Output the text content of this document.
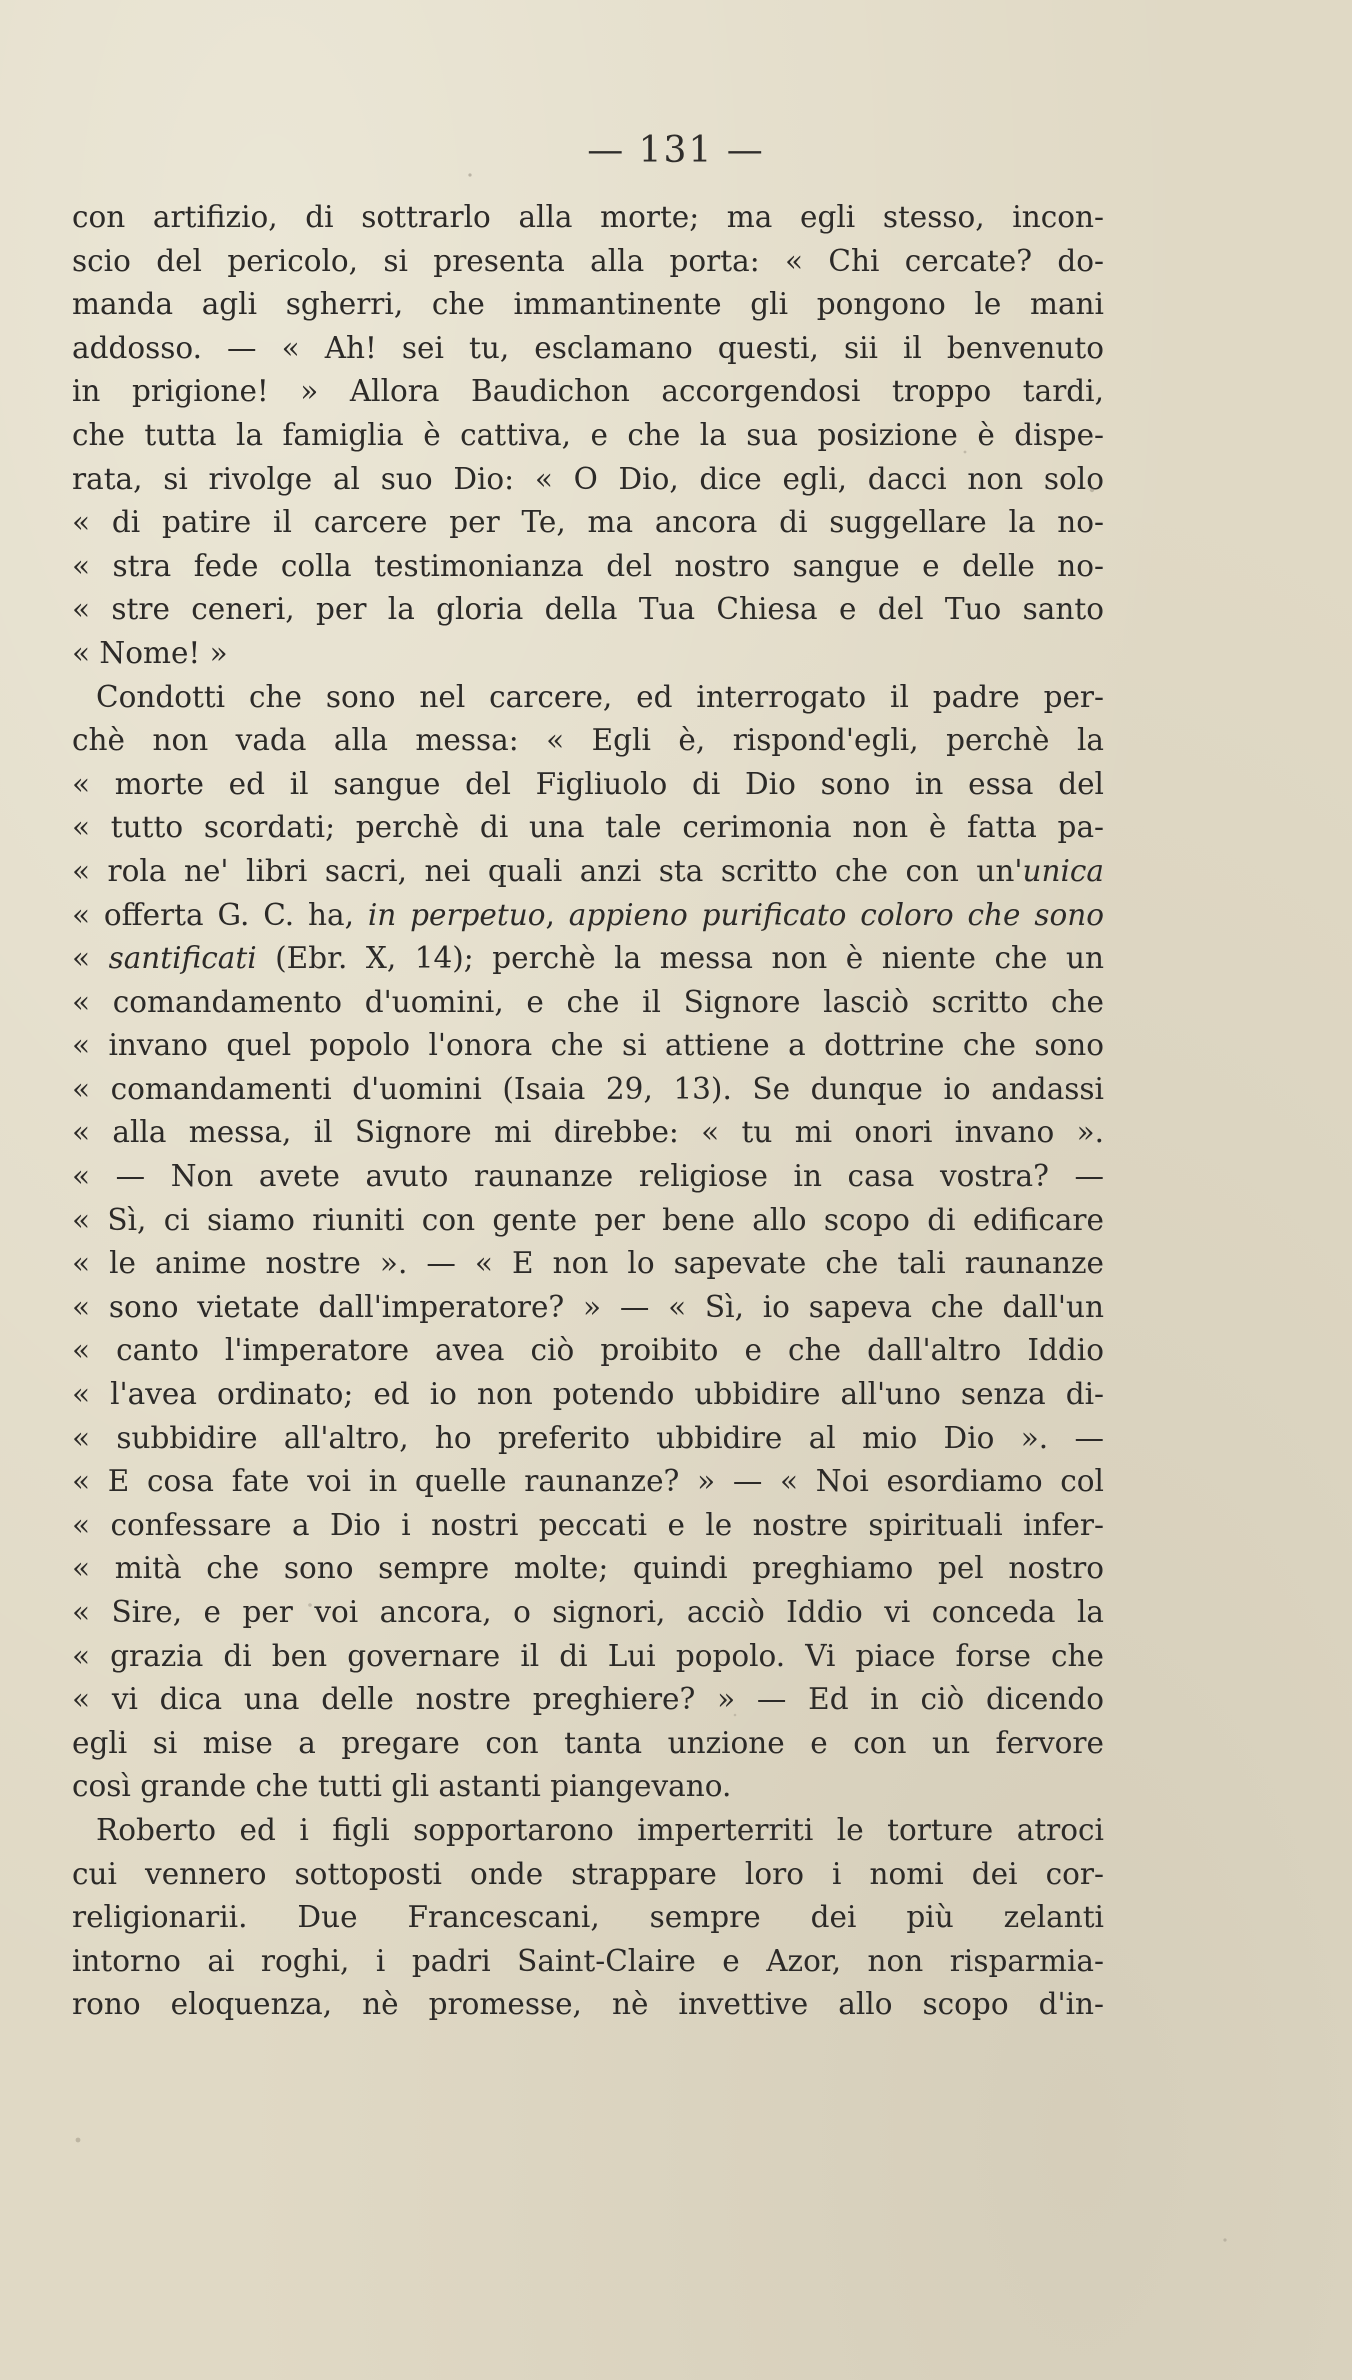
— 131 —
con artifizio, di sottrarlo alla morte; ma egli stesso, incon-
scio del pericolo, si presenta alla porta: « Chi cercate? do-
manda agli sgherri, che immantinente gli pongono le mani
addosso. — « Ah! sei tu, esclamano questi, sii il benvenuto
in prigione! » Allora Baudichon accorgendosi troppo tardi,
che tutta la famiglia è cattiva, e che la sua posizione è dispe-
rata, si rivolge al suo Dio: « O Dio, dice egli, dacci non solo
« di patire il carcere per Te, ma ancora di suggellare la no-
« stra fede colla testimonianza del nostro sangue e delle no-
« stre ceneri, per la gloria della Tua Chiesa e del Tuo santo
« Nome! »
Condotti che sono nel carcere, ed interrogato il padre per-
chè non vada alla messa: « Egli è, rispond'egli, perchè la
« morte ed il sangue del Figliuolo di Dio sono in essa del
« tutto scordati; perchè di una tale cerimonia non è fatta pa-
« rola ne' libri sacri, nei quali anzi sta scritto che con un'unica
« offerta G. C. ha, in perpetuo, appieno purificato coloro che sono
« santificati (Ebr. X, 14); perchè la messa non è niente che un
« comandamento d'uomini, e che il Signore lasciò scritto che
« invano quel popolo l'onora che si attiene a dottrine che sono
« comandamenti d'uomini (Isaia 29, 13). Se dunque io andassi
« alla messa, il Signore mi direbbe: « tu mi onori invano ».
« — Non avete avuto raunanze religiose in casa vostra? —
« Sì, ci siamo riuniti con gente per bene allo scopo di edificare
« le anime nostre ». — « E non lo sapevate che tali raunanze
« sono vietate dall'imperatore? » — « Sì, io sapeva che dall'un
« canto l'imperatore avea ciò proibito e che dall'altro Iddio
« l'avea ordinato; ed io non potendo ubbidire all'uno senza di-
« subbidire all'altro, ho preferito ubbidire al mio Dio ». —
« E cosa fate voi in quelle raunanze? » — « Noi esordiamo col
« confessare a Dio i nostri peccati e le nostre spirituali infer-
« mità che sono sempre molte; quindi preghiamo pel nostro
« Sire, e per voi ancora, o signori, acciò Iddio vi conceda la
« grazia di ben governare il di Lui popolo. Vi piace forse che
« vi dica una delle nostre preghiere? » — Ed in ciò dicendo
egli si mise a pregare con tanta unzione e con un fervore
così grande che tutti gli astanti piangevano.
Roberto ed i figli sopportarono imperterriti le torture atroci
cui vennero sottoposti onde strappare loro i nomi dei cor-
religionarii. Due Francescani, sempre dei più zelanti
intorno ai roghi, i padri Saint-Claire e Azor, non risparmia-
rono eloquenza, nè promesse, nè invettive allo scopo d'in-
